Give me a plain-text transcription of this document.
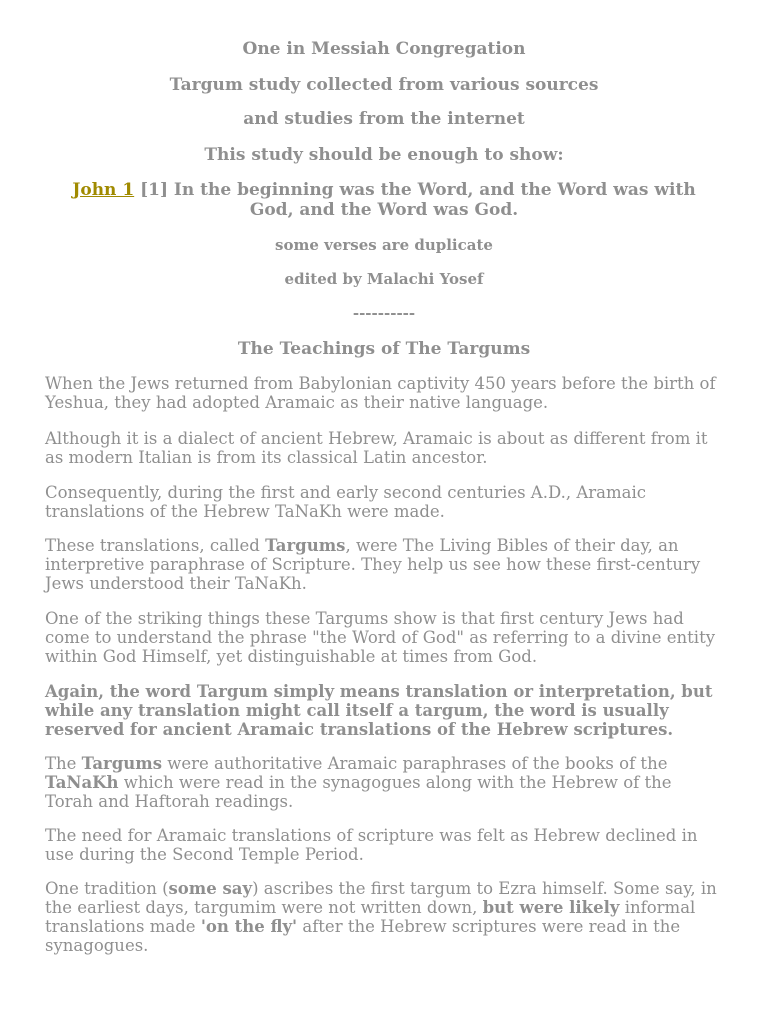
One in Messiah Congregation

Targum study collected from various sources

and studies from the internet

This study should be enough to show:

John 1 [1] In the beginning was the Word, and the Word was with God, and the Word was God.

some verses are duplicate

edited by Malachi Yosef

----------

The Teachings of The Targums

When the Jews returned from Babylonian captivity 450 years before the birth of Yeshua, they had adopted Aramaic as their native language.

Although it is a dialect of ancient Hebrew, Aramaic is about as different from it as modern Italian is from its classical Latin ancestor.

Consequently, during the first and early second centuries A.D., Aramaic translations of the Hebrew TaNaKh were made.

These translations, called Targums, were The Living Bibles of their day, an interpretive paraphrase of Scripture. They help us see how these first-century Jews understood their TaNaKh.

One of the striking things these Targums show is that first century Jews had come to understand the phrase "the Word of God" as referring to a divine entity within God Himself, yet distinguishable at times from God.

Again, the word Targum simply means translation or interpretation, but while any translation might call itself a targum, the word is usually reserved for ancient Aramaic translations of the Hebrew scriptures.

The Targums were authoritative Aramaic paraphrases of the books of the TaNaKh which were read in the synagogues along with the Hebrew of the Torah and Haftorah readings.

The need for Aramaic translations of scripture was felt as Hebrew declined in use during the Second Temple Period.

One tradition (some say) ascribes the first targum to Ezra himself. Some say, in the earliest days, targumim were not written down, but were likely informal translations made 'on the fly' after the Hebrew scriptures were read in the synagogues.
